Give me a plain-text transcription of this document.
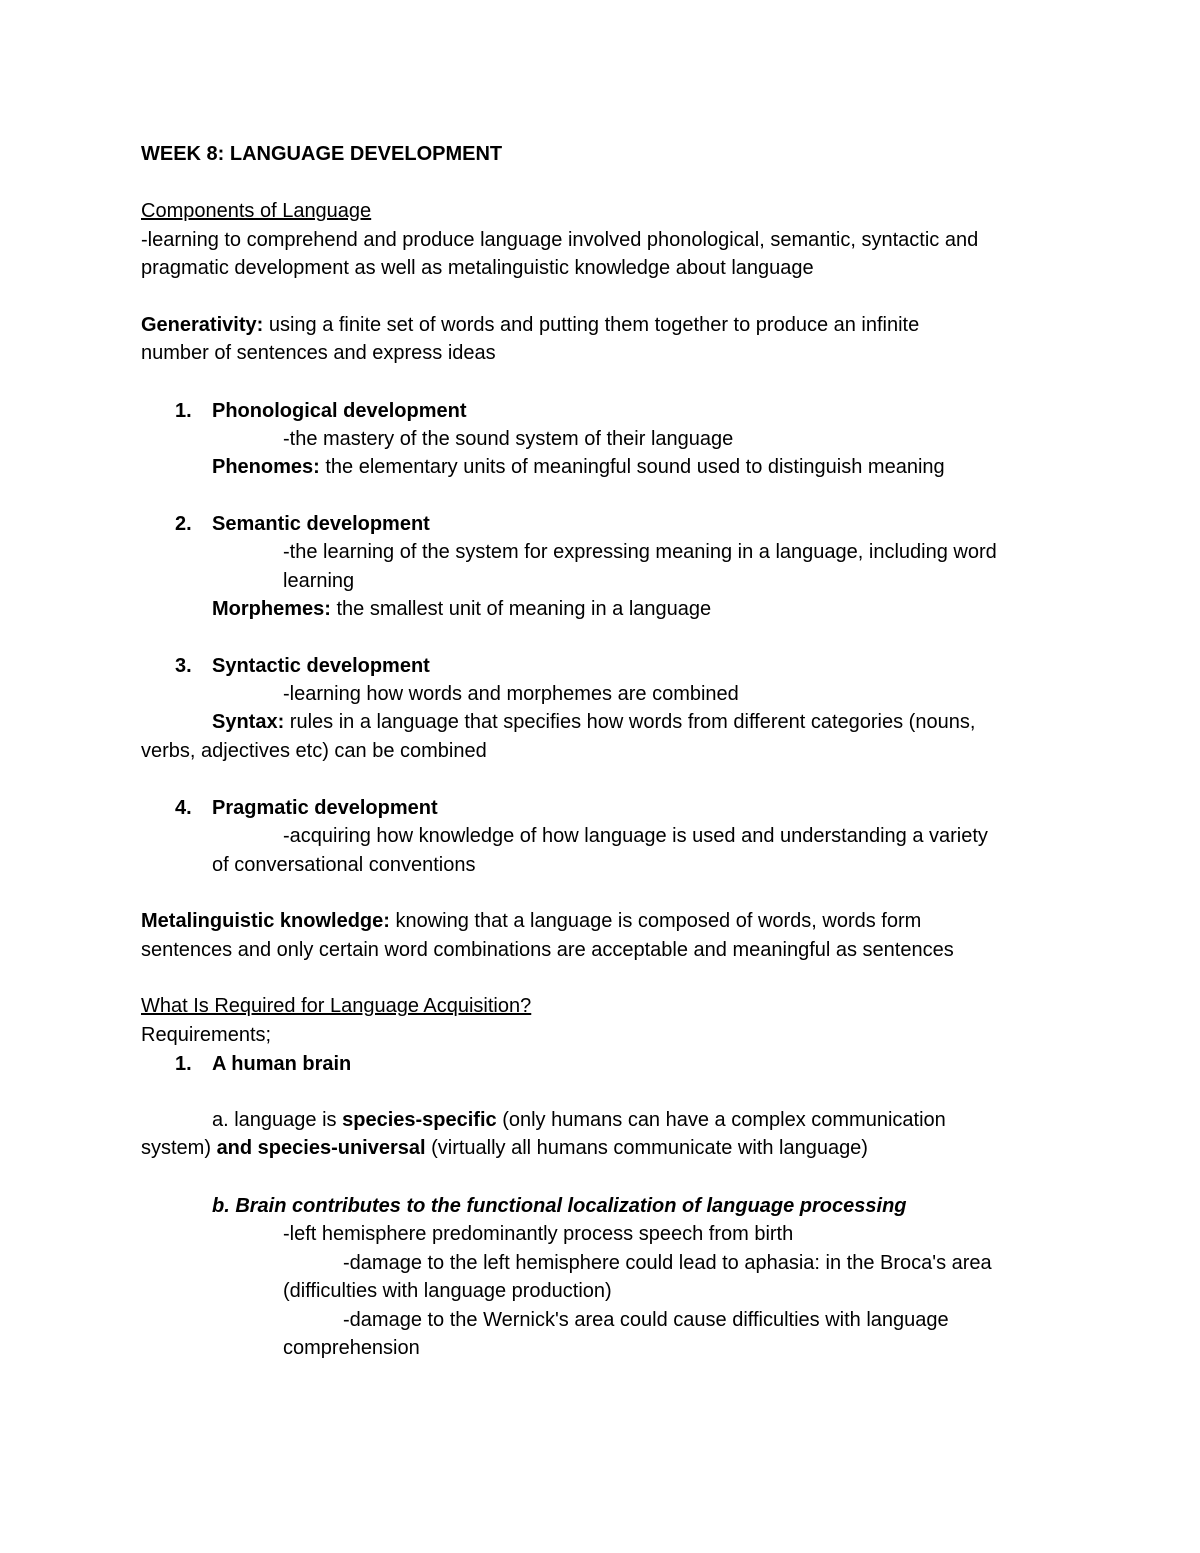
WEEK 8: LANGUAGE DEVELOPMENT
Components of Language
-learning to comprehend and produce language involved phonological, semantic, syntactic and
pragmatic development as well as metalinguistic knowledge about language
Generativity: using a finite set of words and putting them together to produce an infinite
number of sentences and express ideas
1. Phonological development
-the mastery of the sound system of their language
Phenomes: the elementary units of meaningful sound used to distinguish meaning
2. Semantic development
-the learning of the system for expressing meaning in a language, including word
learning
Morphemes: the smallest unit of meaning in a language
3. Syntactic development
-learning how words and morphemes are combined
Syntax: rules in a language that specifies how words from different categories (nouns,
verbs, adjectives etc) can be combined
4. Pragmatic development
-acquiring how knowledge of how language is used and understanding a variety
of conversational conventions
Metalinguistic knowledge: knowing that a language is composed of words, words form
sentences and only certain word combinations are acceptable and meaningful as sentences
What Is Required for Language Acquisition?
Requirements;
1. A human brain
a. language is species-specific (only humans can have a complex communication
system) and species-universal (virtually all humans communicate with language)
b. Brain contributes to the functional localization of language processing
-left hemisphere predominantly process speech from birth
-damage to the left hemisphere could lead to aphasia: in the Broca's area
(difficulties with language production)
-damage to the Wernick's area could cause difficulties with language
comprehension
